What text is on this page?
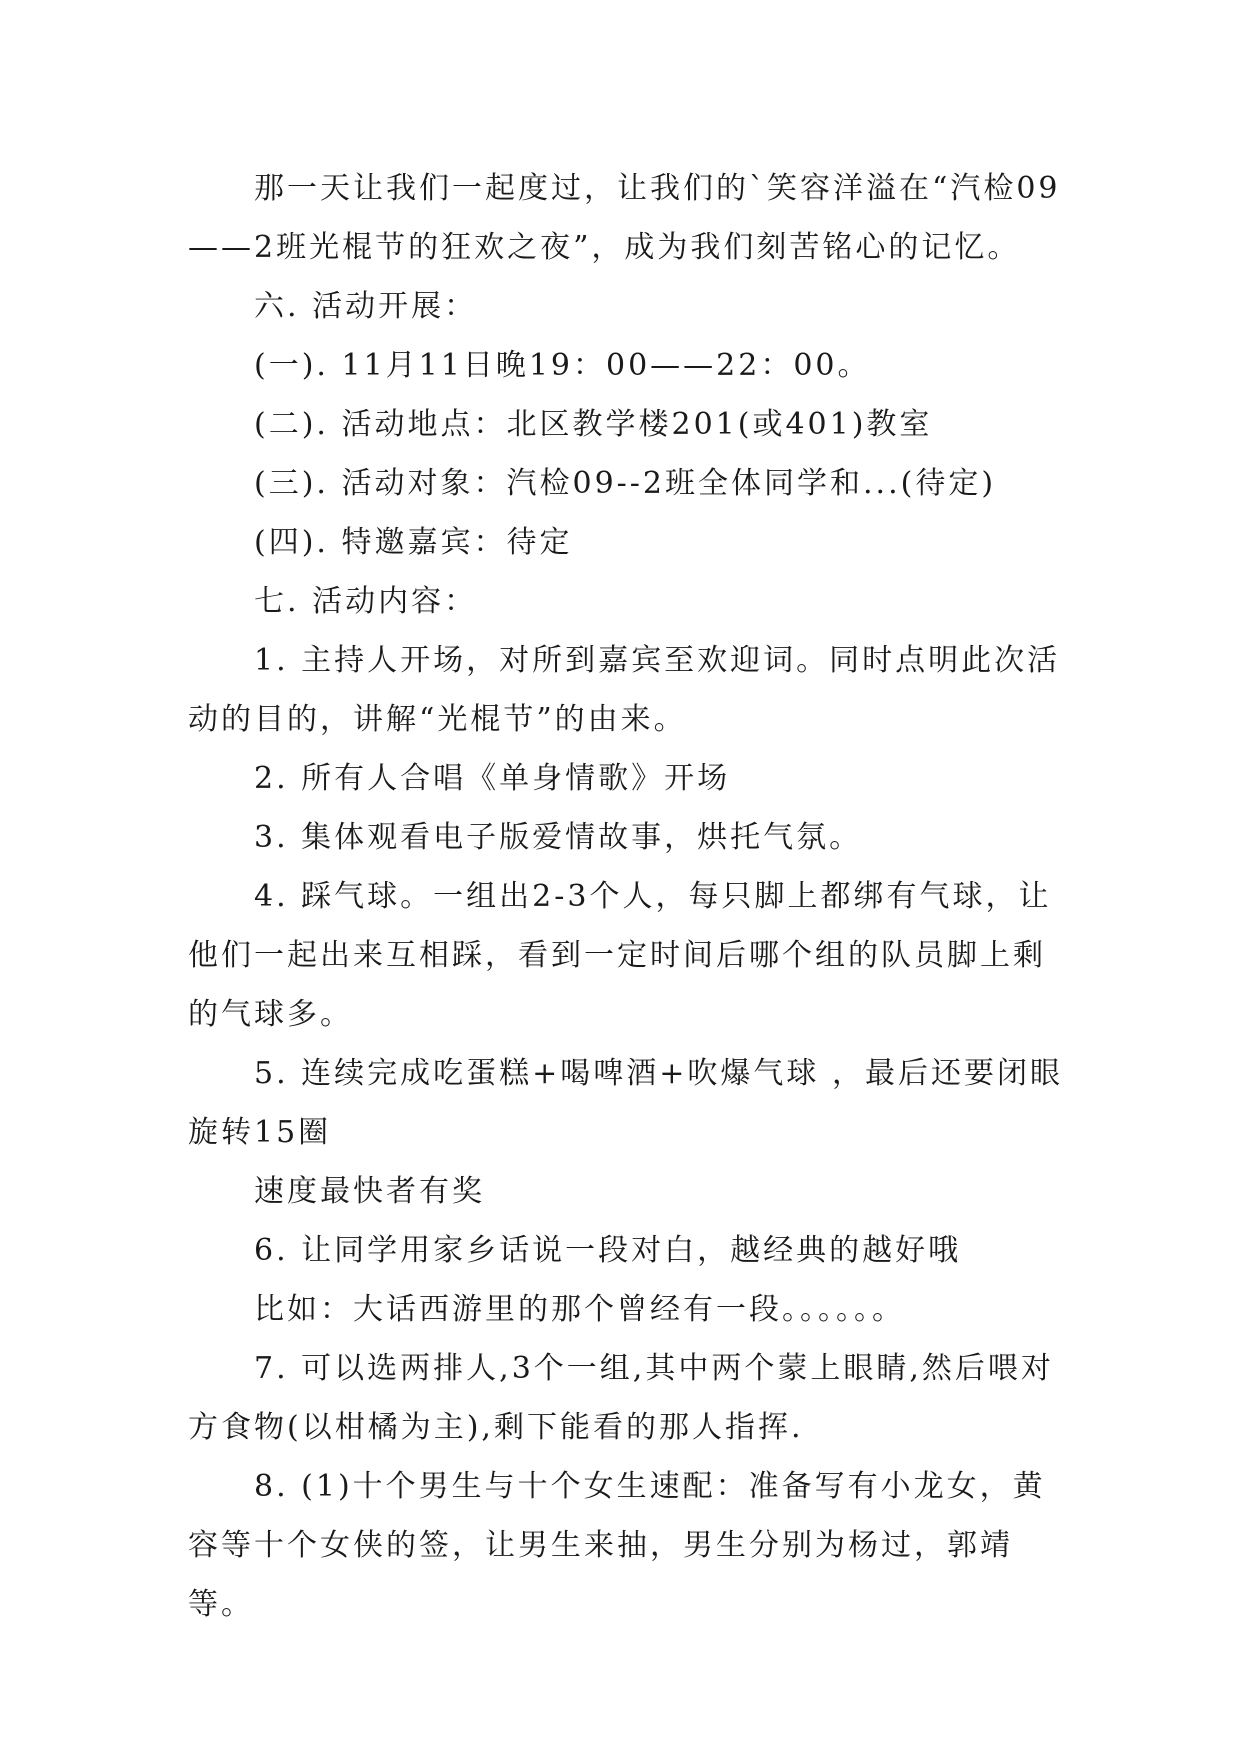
那一天让我们一起度过，让我们的`笑容洋溢在“汽检09——2班光棍节的狂欢之夜”，成为我们刻苦铭心的记忆。

六. 活动开展：

(一). 11月11日晚19：00——22：00。

(二). 活动地点：北区教学楼201(或401)教室

(三). 活动对象：汽检09--2班全体同学和...(待定)

(四). 特邀嘉宾：待定

七. 活动内容：

1. 主持人开场，对所到嘉宾至欢迎词。同时点明此次活动的目的，讲解“光棍节”的由来。

2. 所有人合唱《单身情歌》开场

3. 集体观看电子版爱情故事，烘托气氛。

4. 踩气球。一组出2-3个人，每只脚上都绑有气球，让他们一起出来互相踩，看到一定时间后哪个组的队员脚上剩的气球多。

5. 连续完成吃蛋糕+喝啤酒+吹爆气球 ，最后还要闭眼旋转15圈

速度最快者有奖

6. 让同学用家乡话说一段对白，越经典的越好哦

比如：大话西游里的那个曾经有一段。。。。。。

7. 可以选两排人,3个一组,其中两个蒙上眼睛,然后喂对方食物(以柑橘为主),剩下能看的那人指挥.

8. (1)十个男生与十个女生速配：准备写有小龙女，黄容等十个女侠的签，让男生来抽，男生分别为杨过，郭靖等。
